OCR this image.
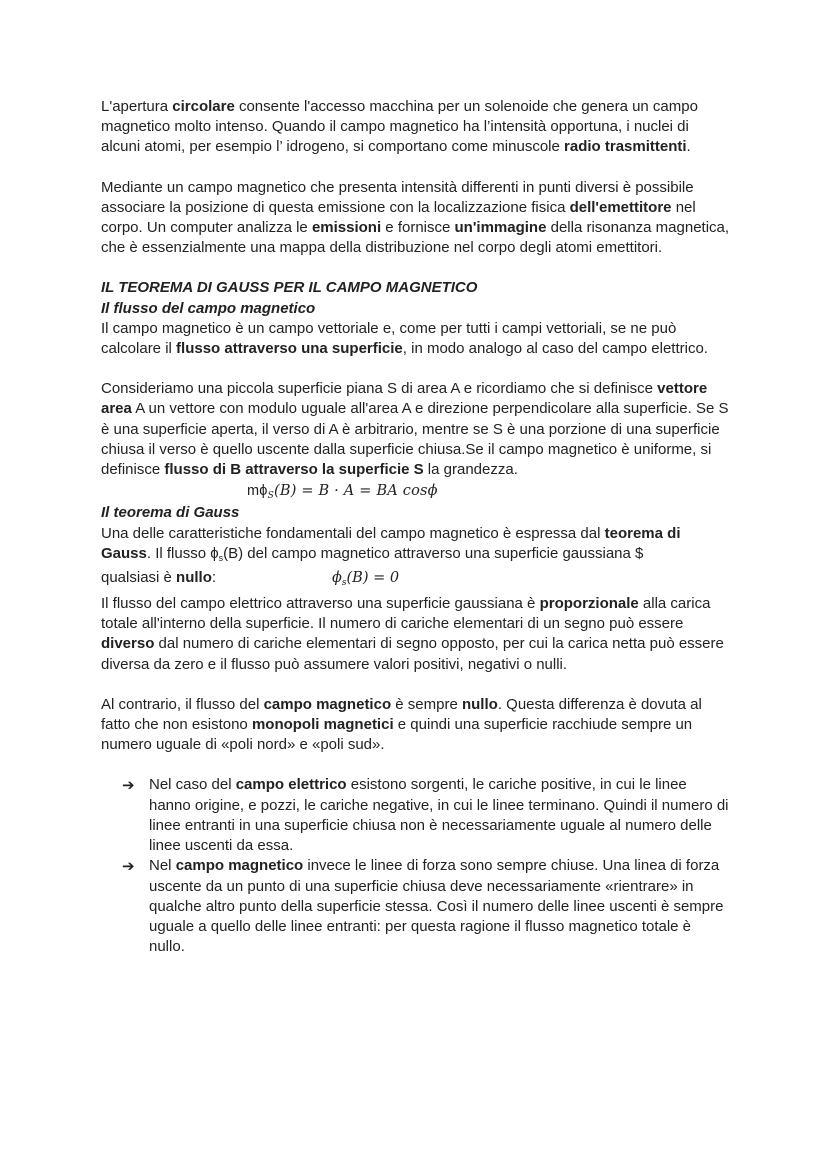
L'apertura circolare consente l'accesso macchina per un solenoide che genera un campo magnetico molto intenso. Quando il campo magnetico ha l’intensità opportuna, i nuclei di alcuni atomi, per esempio l’ idrogeno, si comportano come minuscole radio trasmittenti.

Mediante un campo magnetico che presenta intensità differenti in punti diversi è possibile associare la posizione di questa emissione con la localizzazione fisica dell'emettitore nel corpo. Un computer analizza le emissioni e fornisce un'immagine della risonanza magnetica, che è essenzialmente una mappa della distribuzione nel corpo degli atomi emettitori.

IL TEOREMA DI GAUSS PER IL CAMPO MAGNETICO

Il flusso del campo magnetico

Il campo magnetico è un campo vettoriale e, come per tutti i campi vettoriali, se ne può calcolare il flusso attraverso una superficie, in modo analogo al caso del campo elettrico.

Consideriamo una piccola superficie piana S di area A e ricordiamo che si definisce vettore area A un vettore con modulo uguale all'area A e direzione perpendicolare alla superficie. Se S è una superficie aperta, il verso di A è arbitrario, mentre se S è una porzione di una superficie chiusa il verso è quello uscente dalla superficie chiusa.Se il campo magnetico è uniforme, si definisce flusso di B attraverso la superficie S la grandezza.

$m\phi_S(B) = B \cdot A$ = BA cosϕ

Il teorema di Gauss

Una delle caratteristiche fondamentali del campo magnetico è espressa dal teorema di Gauss. Il flusso $\phi_s(B)$ del campo magnetico attraverso una superficie gaussiana $

qualsiasi è nullo:	$\phi_s(B) = 0$

Il flusso del campo elettrico attraverso una superficie gaussiana è proporzionale alla carica totale all'interno della superficie. Il numero di cariche elementari di un segno può essere diverso dal numero di cariche elementari di segno opposto, per cui la carica netta può essere diversa da zero e il flusso può assumere valori positivi, negativi o nulli.

Al contrario, il flusso del campo magnetico è sempre nullo. Questa differenza è dovuta al fatto che non esistono monopoli magnetici e quindi una superficie racchiude sempre un numero uguale di «poli nord» e «poli sud».

➔ Nel caso del campo elettrico esistono sorgenti, le cariche positive, in cui le linee hanno origine, e pozzi, le cariche negative, in cui le linee terminano. Quindi il numero di linee entranti in una superficie chiusa non è necessariamente uguale al numero delle linee uscenti da essa.
➔ Nel campo magnetico invece le linee di forza sono sempre chiuse. Una linea di forza uscente da un punto di una superficie chiusa deve necessariamente «rientrare» in qualche altro punto della superficie stessa. Così il numero delle linee uscenti è sempre uguale a quello delle linee entranti: per questa ragione il flusso magnetico totale è nullo.
